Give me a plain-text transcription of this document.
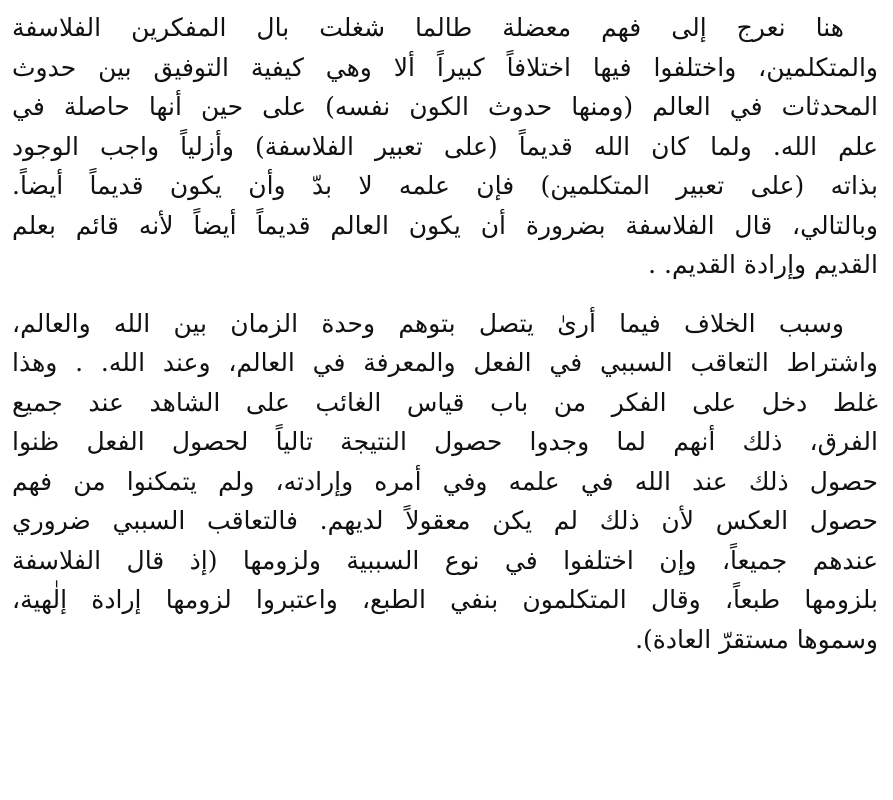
هنا نعرج إلى فهم معضلة طالما شغلت بال المفكرين الفلاسفة
والمتكلمين، واختلفوا فيها اختلافاً كبيراً ألا وهي كيفية التوفيق بين حدوث
المحدثات في العالم (ومنها حدوث الكون نفسه) على حين أنها حاصلة في
علم الله. ولما كان الله قديماً (على تعبير الفلاسفة) وأزلياً واجب الوجود
بذاته (على تعبير المتكلمين) فإن علمه لا بدّ وأن يكون قديماً أيضاً.
وبالتالي، قال الفلاسفة بضرورة أن يكون العالم قديماً أيضاً لأنه قائم بعلم
القديم وإرادة القديم. .
وسبب الخلاف فيما أرىٰ يتصل بتوهم وحدة الزمان بين الله والعالم،
واشتراط التعاقب السببي في الفعل والمعرفة في العالم، وعند الله. . وهذا
غلط دخل على الفكر من باب قياس الغائب على الشاهد عند جميع
الفرق، ذلك أنهم لما وجدوا حصول النتيجة تالياً لحصول الفعل ظنوا
حصول ذلك عند الله في علمه وفي أمره وإرادته، ولم يتمكنوا من فهم
حصول العكس لأن ذلك لم يكن معقولاً لديهم. فالتعاقب السببي ضروري
عندهم جميعاً، وإن اختلفوا في نوع السببية ولزومها (إذ قال الفلاسفة
بلزومها طبعاً، وقال المتكلمون بنفي الطبع، واعتبروا لزومها إرادة إلٰهية،
وسموها مستقرّ العادة).
